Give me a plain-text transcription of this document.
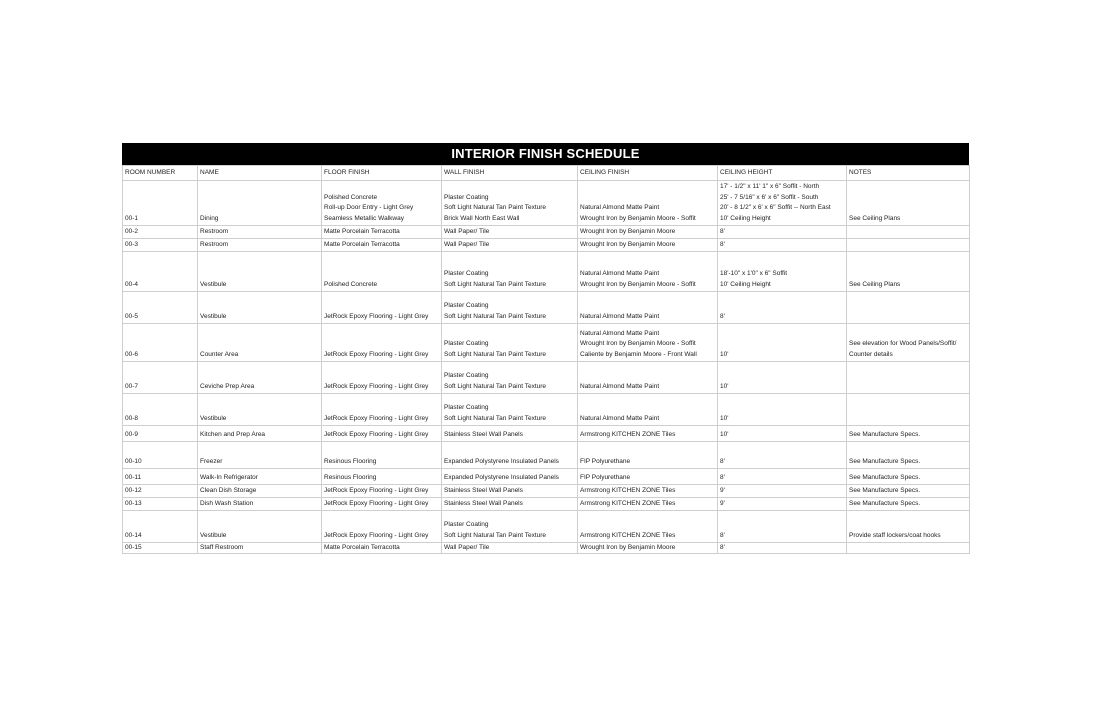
INTERIOR FINISH SCHEDULE
ROOM NUMBER	NAME	FLOOR FINISH	WALL FINISH	CEILING FINISH	CEILING HEIGHT	NOTES
00-1	Dining	Polished Concrete
Roll-up Door Entry - Light Grey
Seamless Metallic Walkway	Plaster Coating
Soft Light Natural Tan Paint Texture
Brick Wall North East Wall	Natural Almond Matte Paint
Wrought Iron by Benjamin Moore - Soffit	17' - 1/2" x 11' 1" x 6" Soffit - North
25' - 7 5/16" x 6' x 6" Soffit - South
20' - 8 1/2" x 6' x 6" Soffit -- North East
10' Ceiling Height	See Ceiling Plans
00-2	Restroom	Matte Porcelain Terracotta	Wall Paper/ Tile	Wrought Iron by Benjamin Moore	8'	
00-3	Restroom	Matte Porcelain Terracotta	Wall Paper/ Tile	Wrought Iron by Benjamin Moore	8'	
00-4	Vestibule	Polished Concrete	Plaster Coating
Soft Light Natural Tan Paint Texture	Natural Almond Matte Paint
Wrought Iron by Benjamin Moore - Soffit	18'-10" x 1'0" x 6" Soffit
10' Ceiling Height	See Ceiling Plans
00-5	Vestibule	JetRock Epoxy Flooring - Light Grey	Plaster Coating
Soft Light Natural Tan Paint Texture	Natural Almond Matte Paint	8'	
00-6	Counter Area	JetRock Epoxy Flooring - Light Grey	Plaster Coating
Soft Light Natural Tan Paint Texture	Natural Almond Matte Paint
Wrought Iron by Benjamin Moore - Soffit
Caliente by Benjamin Moore - Front Wall	10'	See elevation for Wood Panels/Soffit/
Counter details
00-7	Ceviche Prep Area	JetRock Epoxy Flooring - Light Grey	Plaster Coating
Soft Light Natural Tan Paint Texture	Natural Almond Matte Paint	10'	
00-8	Vestibule	JetRock Epoxy Flooring - Light Grey	Plaster Coating
Soft Light Natural Tan Paint Texture	Natural Almond Matte Paint	10'	
00-9	Kitchen and Prep Area	JetRock Epoxy Flooring - Light Grey	Stainless Steel Wall Panels	Armstrong KITCHEN ZONE Tiles	10'	See Manufacture Specs.
00-10	Freezer	Resinous Flooring	Expanded Polystyrene Insulated Panels	FIP Polyurethane	8'	See Manufacture Specs.
00-11	Walk-In Refrigerator	Resinous Flooring	Expanded Polystyrene Insulated Panels	FIP Polyurethane	8'	See Manufacture Specs.
00-12	Clean Dish Storage	JetRock Epoxy Flooring - Light Grey	Stainless Steel Wall Panels	Armstrong KITCHEN ZONE Tiles	9'	See Manufacture Specs.
00-13	Dish Wash Station	JetRock Epoxy Flooring - Light Grey	Stainless Steel Wall Panels	Armstrong KITCHEN ZONE Tiles	9'	See Manufacture Specs.
00-14	Vestibule	JetRock Epoxy Flooring - Light Grey	Plaster Coating
Soft Light Natural Tan Paint Texture	Armstrong KITCHEN ZONE Tiles	8'	Provide staff lockers/coat hooks
00-15	Staff Restroom	Matte Porcelain Terracotta	Wall Paper/ Tile	Wrought Iron by Benjamin Moore	8'	
